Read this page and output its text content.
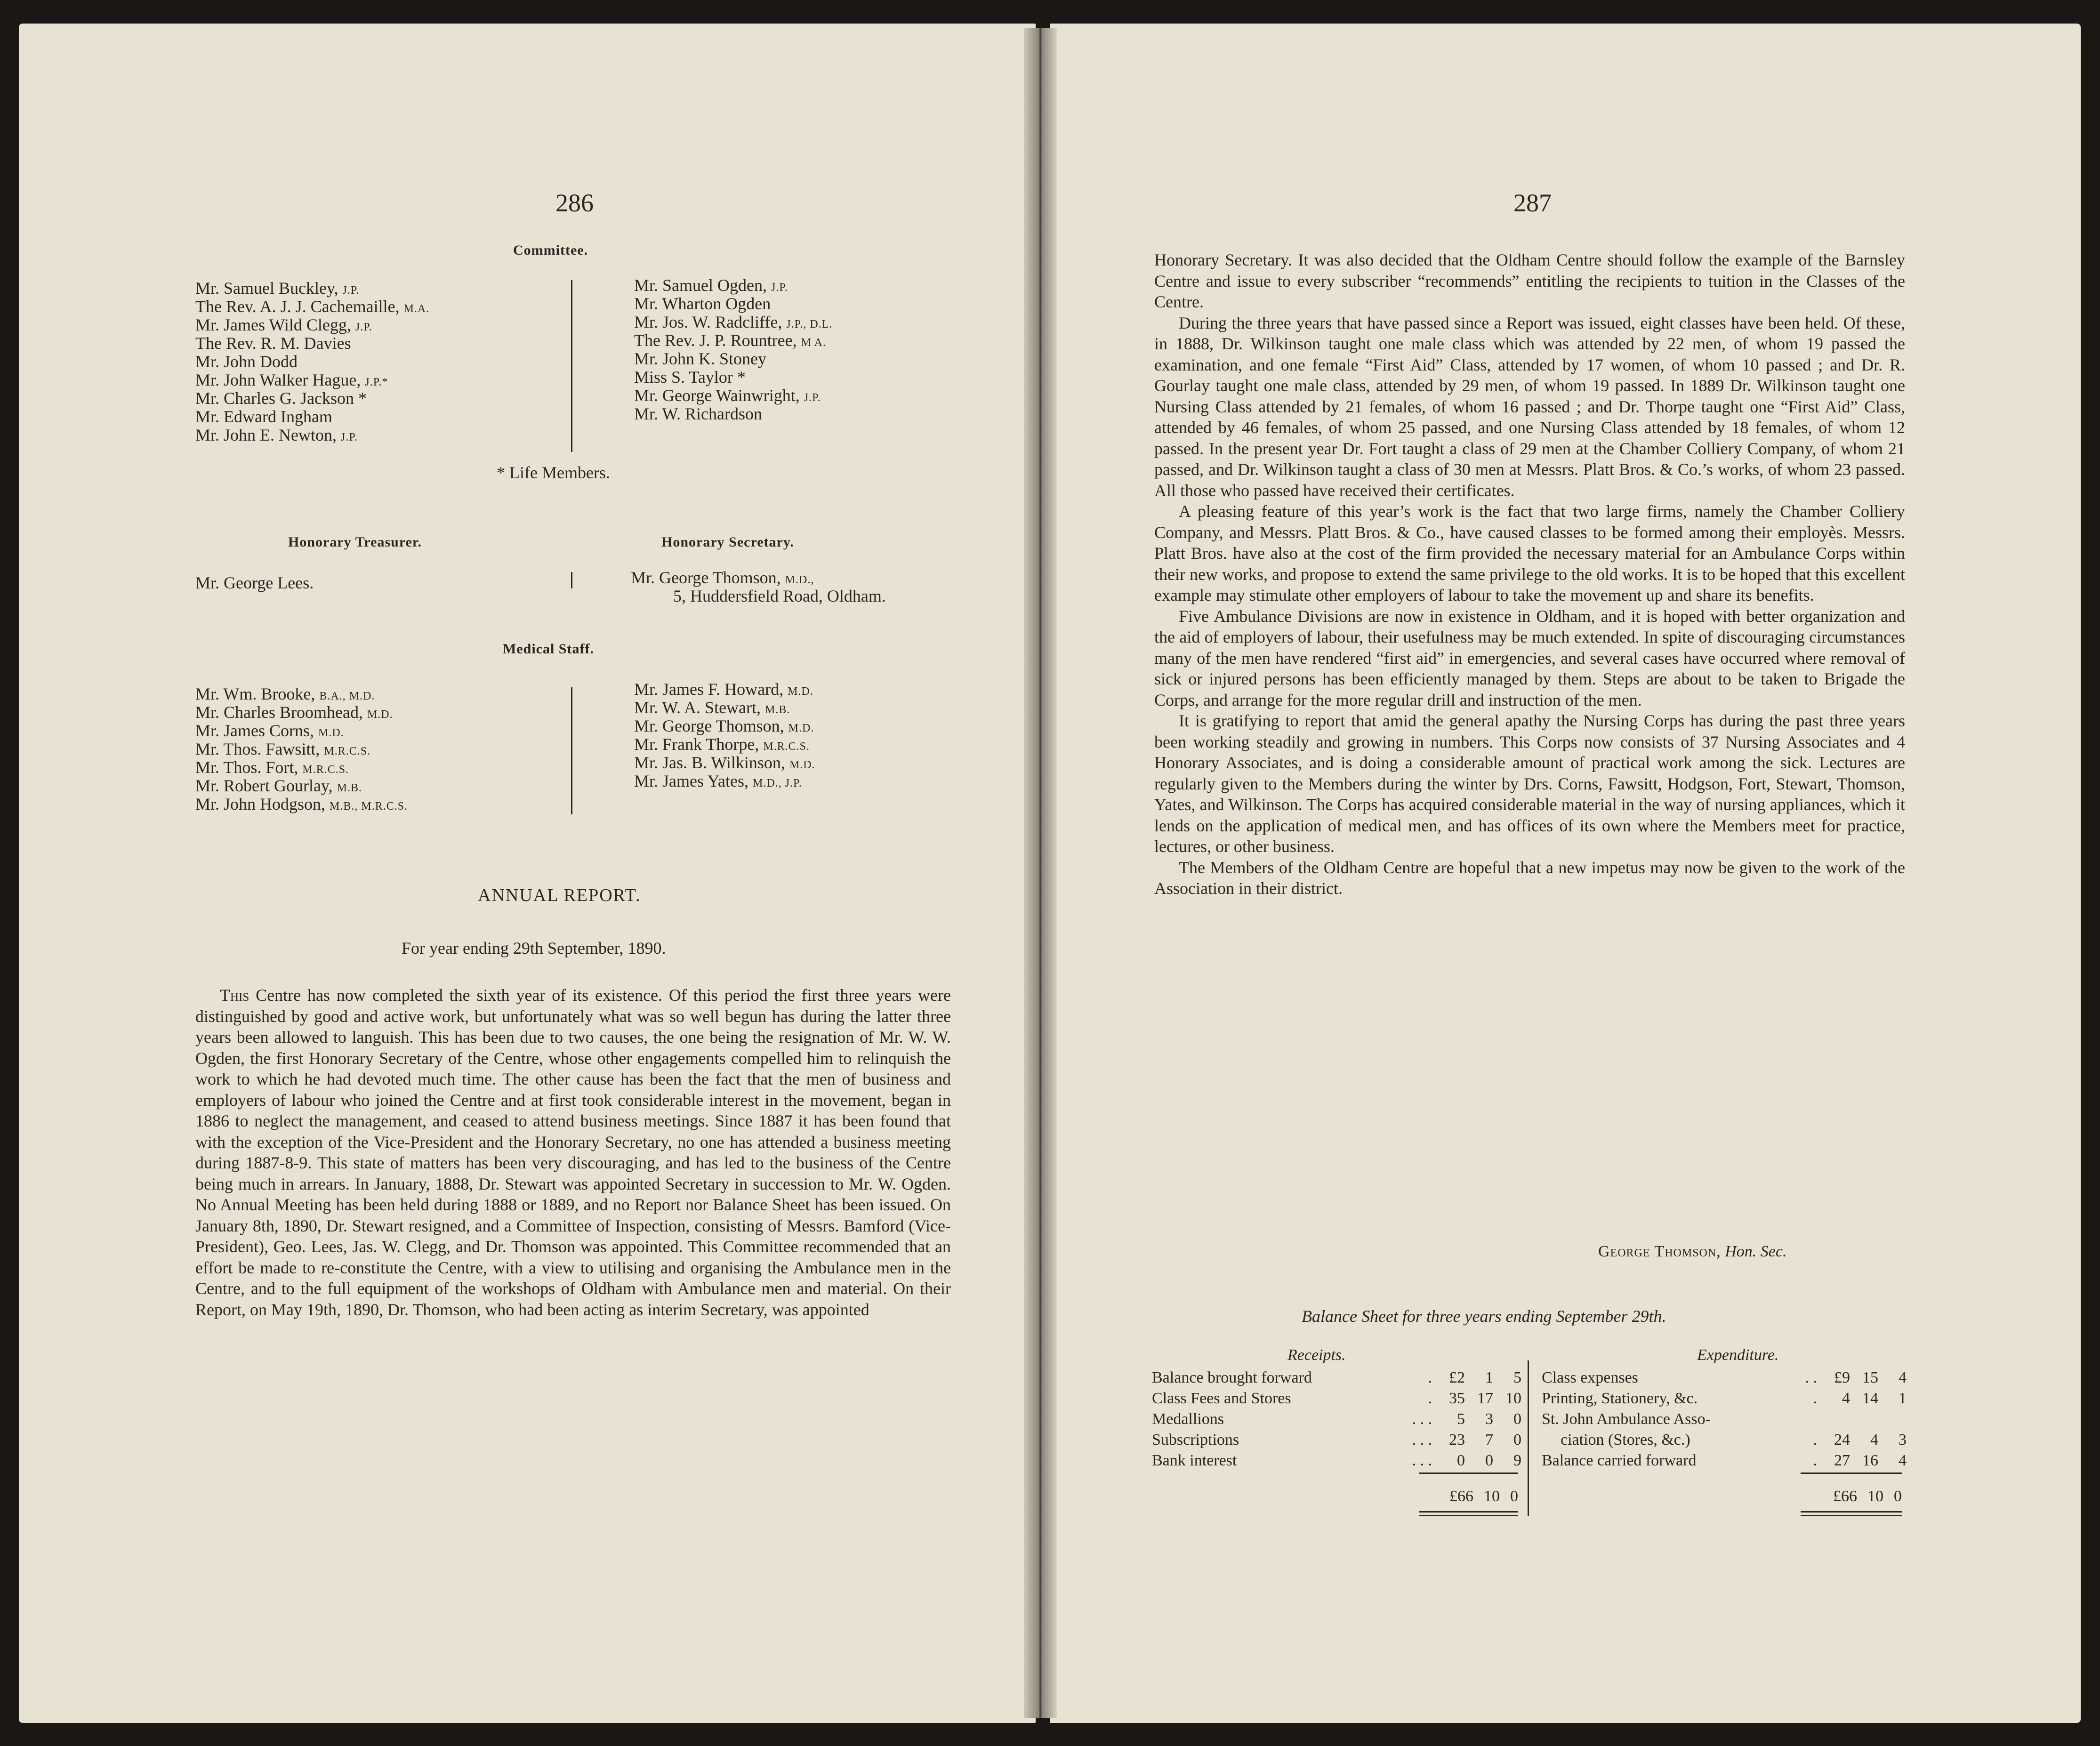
286
Committee.
Mr. Samuel Buckley, J.P.
The Rev. A. J. J. Cachemaille, M.A.
Mr. James Wild Clegg, J.P.
The Rev. R. M. Davies
Mr. John Dodd
Mr. John Walker Hague, J.P.*
Mr. Charles G. Jackson *
Mr. Edward Ingham
Mr. John E. Newton, J.P.
Mr. Samuel Ogden, J.P.
Mr. Wharton Ogden
Mr. Jos. W. Radcliffe, J.P., D.L.
The Rev. J. P. Rountree, M A.
Mr. John K. Stoney
Miss S. Taylor *
Mr. George Wainwright, J.P.
Mr. W. Richardson
* Life Members.
Honorary Treasurer.	Honorary Secretary.
Mr. George Lees.	Mr. George Thomson, M.D.,
5, Huddersfield Road, Oldham.
Medical Staff.
Mr. Wm. Brooke, B.A., M.D.
Mr. Charles Broomhead, M.D.
Mr. James Corns, M.D.
Mr. Thos. Fawsitt, M.R.C.S.
Mr. Thos. Fort, M.R.C.S.
Mr. Robert Gourlay, M.B.
Mr. John Hodgson, M.B., M.R.C.S.
Mr. James F. Howard, M.D.
Mr. W. A. Stewart, M.B.
Mr. George Thomson, M.D.
Mr. Frank Thorpe, M.R.C.S.
Mr. Jas. B. Wilkinson, M.D.
Mr. James Yates, M.D., J.P.
ANNUAL REPORT.
For year ending 29th September, 1890.

This Centre has now completed the sixth year of its existence. Of this period the first three years were distinguished by good and active work, but unfortunately what was so well begun has during the latter three years been allowed to languish. This has been due to two causes, the one being the resignation of Mr. W. W. Ogden, the first Honorary Secretary of the Centre, whose other engagements compelled him to relinquish the work to which he had devoted much time. The other cause has been the fact that the men of business and employers of labour who joined the Centre and at first took considerable interest in the movement, began in 1886 to neglect the management, and ceased to attend business meetings. Since 1887 it has been found that with the exception of the Vice-President and the Honorary Secretary, no one has attended a business meeting during 1887-8-9. This state of matters has been very discouraging, and has led to the business of the Centre being much in arrears. In January, 1888, Dr. Stewart was appointed Secretary in succession to Mr. W. Ogden. No Annual Meeting has been held during 1888 or 1889, and no Report nor Balance Sheet has been issued. On January 8th, 1890, Dr. Stewart resigned, and a Committee of Inspection, consisting of Messrs. Bamford (Vice-President), Geo. Lees, Jas. W. Clegg, and Dr. Thomson was appointed. This Committee recommended that an effort be made to re-constitute the Centre, with a view to utilising and organising the Ambulance men in the Centre, and to the full equipment of the workshops of Oldham with Ambulance men and material. On their Report, on May 19th, 1890, Dr. Thomson, who had been acting as interim Secretary, was appointed

287

Honorary Secretary. It was also decided that the Oldham Centre should follow the example of the Barnsley Centre and issue to every subscriber “recommends” entitling the recipients to tuition in the Classes of the Centre.

During the three years that have passed since a Report was issued, eight classes have been held. Of these, in 1888, Dr. Wilkinson taught one male class which was attended by 22 men, of whom 19 passed the examination, and one female “First Aid” Class, attended by 17 women, of whom 10 passed ; and Dr. R. Gourlay taught one male class, attended by 29 men, of whom 19 passed. In 1889 Dr. Wilkinson taught one Nursing Class attended by 21 females, of whom 16 passed ; and Dr. Thorpe taught one “First Aid” Class, attended by 46 females, of whom 25 passed, and one Nursing Class attended by 18 females, of whom 12 passed. In the present year Dr. Fort taught a class of 29 men at the Chamber Colliery Company, of whom 21 passed, and Dr. Wilkinson taught a class of 30 men at Messrs. Platt Bros. & Co.’s works, of whom 23 passed. All those who passed have received their certificates.

A pleasing feature of this year’s work is the fact that two large firms, namely the Chamber Colliery Company, and Messrs. Platt Bros. & Co., have caused classes to be formed among their employès. Messrs. Platt Bros. have also at the cost of the firm provided the necessary material for an Ambulance Corps within their new works, and propose to extend the same privilege to the old works. It is to be hoped that this excellent example may stimulate other employers of labour to take the movement up and share its benefits.

Five Ambulance Divisions are now in existence in Oldham, and it is hoped with better organization and the aid of employers of labour, their usefulness may be much extended. In spite of discouraging circumstances many of the men have rendered “first aid” in emergencies, and several cases have occurred where removal of sick or injured persons has been efficiently managed by them. Steps are about to be taken to Brigade the Corps, and arrange for the more regular drill and instruction of the men.

It is gratifying to report that amid the general apathy the Nursing Corps has during the past three years been working steadily and growing in numbers. This Corps now consists of 37 Nursing Associates and 4 Honorary Associates, and is doing a considerable amount of practical work among the sick. Lectures are regularly given to the Members during the winter by Drs. Corns, Fawsitt, Hodgson, Fort, Stewart, Thomson, Yates, and Wilkinson. The Corps has acquired considerable material in the way of nursing appliances, which it lends on the application of medical men, and has offices of its own where the Members meet for practice, lectures, or other business.

The Members of the Oldham Centre are hopeful that a new impetus may now be given to the work of the Association in their district.

George Thomson, Hon. Sec.
Balance Sheet for three years ending September 29th.
Receipts.	Expenditure.
Balance brought forward	.	£2	1	5
Class Fees and Stores	.	35	17	10
Medallions	. . .	5	3	0
Subscriptions	. . .	23	7	0
Bank interest	. . .	0	0	9
Class expenses	. .	£9	15	4
Printing, Stationery, &c.	.	4	14	1
St. John Ambulance Asso-				
ciation (Stores, &c.)	.	24	4	3
Balance carried forward	.	27	16	4
£66 10 0	£66 10 0
